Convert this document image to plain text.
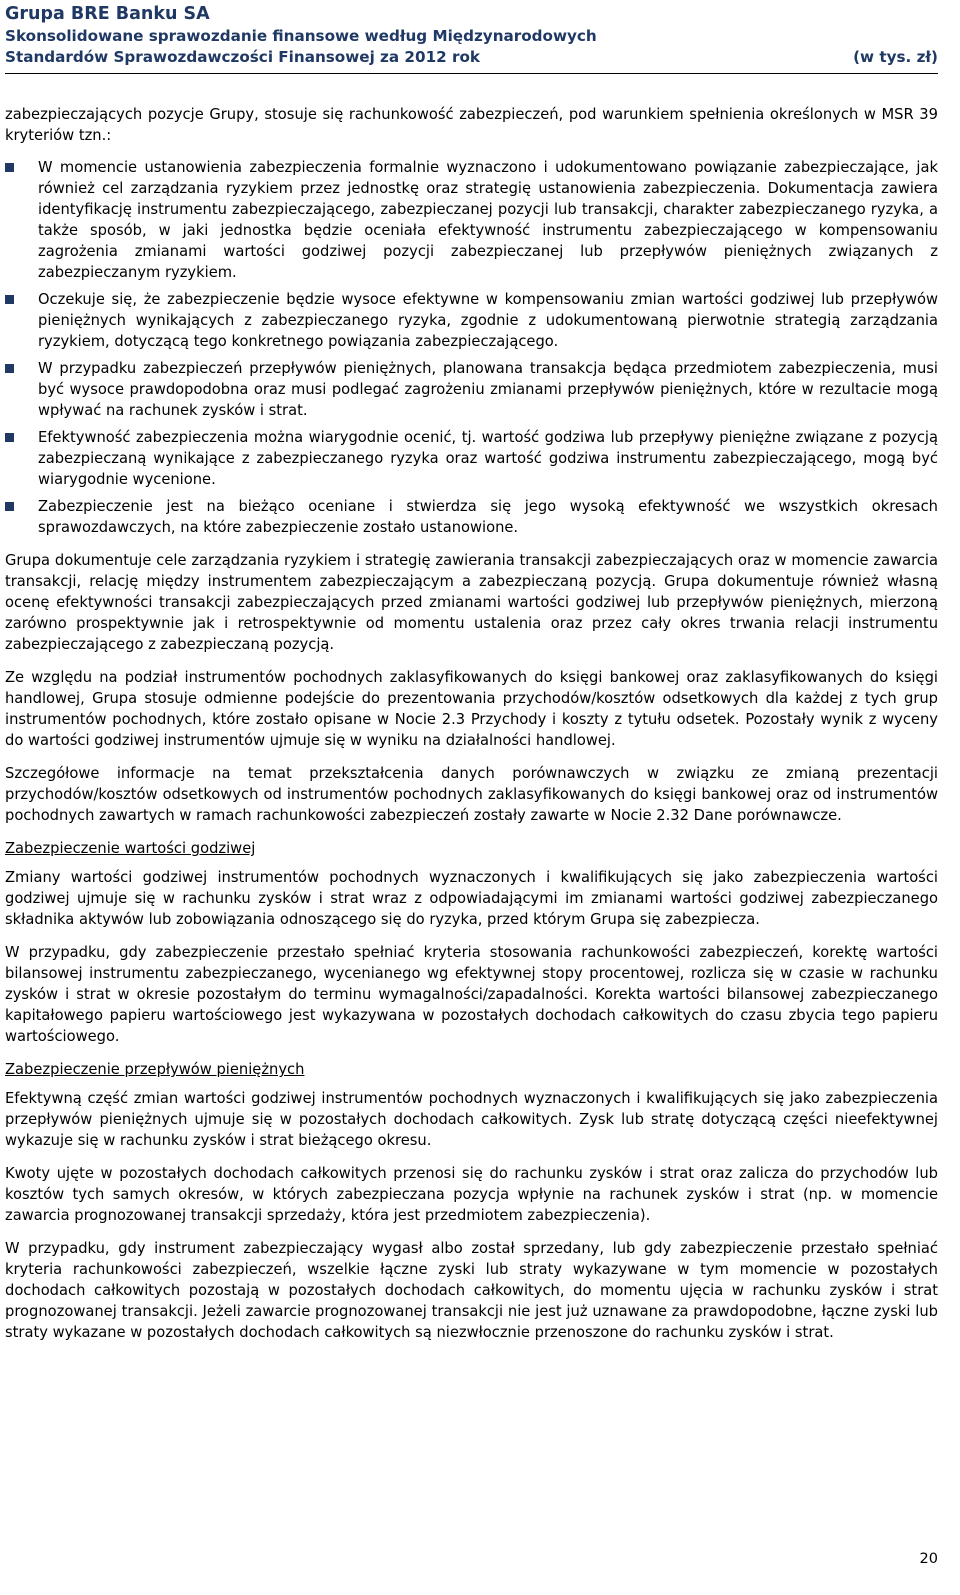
Grupa BRE Banku SA
Skonsolidowane sprawozdanie finansowe według Międzynarodowych
Standardów Sprawozdawczości Finansowej za 2012 rok	(w tys. zł)

zabezpieczających pozycje Grupy, stosuje się rachunkowość zabezpieczeń, pod warunkiem spełnienia określonych w MSR 39 kryteriów tzn.:

W momencie ustanowienia zabezpieczenia formalnie wyznaczono i udokumentowano powiązanie zabezpieczające, jak również cel zarządzania ryzykiem przez jednostkę oraz strategię ustanowienia zabezpieczenia. Dokumentacja zawiera identyfikację instrumentu zabezpieczającego, zabezpieczanej pozycji lub transakcji, charakter zabezpieczanego ryzyka, a także sposób, w jaki jednostka będzie oceniała efektywność instrumentu zabezpieczającego w kompensowaniu zagrożenia zmianami wartości godziwej pozycji zabezpieczanej lub przepływów pieniężnych związanych z zabezpieczanym ryzykiem.
Oczekuje się, że zabezpieczenie będzie wysoce efektywne w kompensowaniu zmian wartości godziwej lub przepływów pieniężnych wynikających z zabezpieczanego ryzyka, zgodnie z udokumentowaną pierwotnie strategią zarządzania ryzykiem, dotyczącą tego konkretnego powiązania zabezpieczającego.
W przypadku zabezpieczeń przepływów pieniężnych, planowana transakcja będąca przedmiotem zabezpieczenia, musi być wysoce prawdopodobna oraz musi podlegać zagrożeniu zmianami przepływów pieniężnych, które w rezultacie mogą wpływać na rachunek zysków i strat.
Efektywność zabezpieczenia można wiarygodnie ocenić, tj. wartość godziwa lub przepływy pieniężne związane z pozycją zabezpieczaną wynikające z zabezpieczanego ryzyka oraz wartość godziwa instrumentu zabezpieczającego, mogą być wiarygodnie wycenione.
Zabezpieczenie jest na bieżąco oceniane i stwierdza się jego wysoką efektywność we wszystkich okresach sprawozdawczych, na które zabezpieczenie zostało ustanowione.

Grupa dokumentuje cele zarządzania ryzykiem i strategię zawierania transakcji zabezpieczających oraz w momencie zawarcia transakcji, relację między instrumentem zabezpieczającym a zabezpieczaną pozycją. Grupa dokumentuje również własną ocenę efektywności transakcji zabezpieczających przed zmianami wartości godziwej lub przepływów pieniężnych, mierzoną zarówno prospektywnie jak i retrospektywnie od momentu ustalenia oraz przez cały okres trwania relacji instrumentu zabezpieczającego z zabezpieczaną pozycją.

Ze względu na podział instrumentów pochodnych zaklasyfikowanych do księgi bankowej oraz zaklasyfikowanych do księgi handlowej, Grupa stosuje odmienne podejście do prezentowania przychodów/kosztów odsetkowych dla każdej z tych grup instrumentów pochodnych, które zostało opisane w Nocie 2.3 Przychody i koszty z tytułu odsetek. Pozostały wynik z wyceny do wartości godziwej instrumentów ujmuje się w wyniku na działalności handlowej.

Szczegółowe informacje na temat przekształcenia danych porównawczych w związku ze zmianą prezentacji przychodów/kosztów odsetkowych od instrumentów pochodnych zaklasyfikowanych do księgi bankowej oraz od instrumentów pochodnych zawartych w ramach rachunkowości zabezpieczeń zostały zawarte w Nocie 2.32 Dane porównawcze.

Zabezpieczenie wartości godziwej

Zmiany wartości godziwej instrumentów pochodnych wyznaczonych i kwalifikujących się jako zabezpieczenia wartości godziwej ujmuje się w rachunku zysków i strat wraz z odpowiadającymi im zmianami wartości godziwej zabezpieczanego składnika aktywów lub zobowiązania odnoszącego się do ryzyka, przed którym Grupa się zabezpiecza.

W przypadku, gdy zabezpieczenie przestało spełniać kryteria stosowania rachunkowości zabezpieczeń, korektę wartości bilansowej instrumentu zabezpieczanego, wycenianego wg efektywnej stopy procentowej, rozlicza się w czasie w rachunku zysków i strat w okresie pozostałym do terminu wymagalności/zapadalności. Korekta wartości bilansowej zabezpieczanego kapitałowego papieru wartościowego jest wykazywana w pozostałych dochodach całkowitych do czasu zbycia tego papieru wartościowego.

Zabezpieczenie przepływów pieniężnych

Efektywną część zmian wartości godziwej instrumentów pochodnych wyznaczonych i kwalifikujących się jako zabezpieczenia przepływów pieniężnych ujmuje się w pozostałych dochodach całkowitych. Zysk lub stratę dotyczącą części nieefektywnej wykazuje się w rachunku zysków i strat bieżącego okresu.

Kwoty ujęte w pozostałych dochodach całkowitych przenosi się do rachunku zysków i strat oraz zalicza do przychodów lub kosztów tych samych okresów, w których zabezpieczana pozycja wpłynie na rachunek zysków i strat (np. w momencie zawarcia prognozowanej transakcji sprzedaży, która jest przedmiotem zabezpieczenia).

W przypadku, gdy instrument zabezpieczający wygasł albo został sprzedany, lub gdy zabezpieczenie przestało spełniać kryteria rachunkowości zabezpieczeń, wszelkie łączne zyski lub straty wykazywane w tym momencie w pozostałych dochodach całkowitych pozostają w pozostałych dochodach całkowitych, do momentu ujęcia w rachunku zysków i strat prognozowanej transakcji. Jeżeli zawarcie prognozowanej transakcji nie jest już uznawane za prawdopodobne, łączne zyski lub straty wykazane w pozostałych dochodach całkowitych są niezwłocznie przenoszone do rachunku zysków i strat.

20
